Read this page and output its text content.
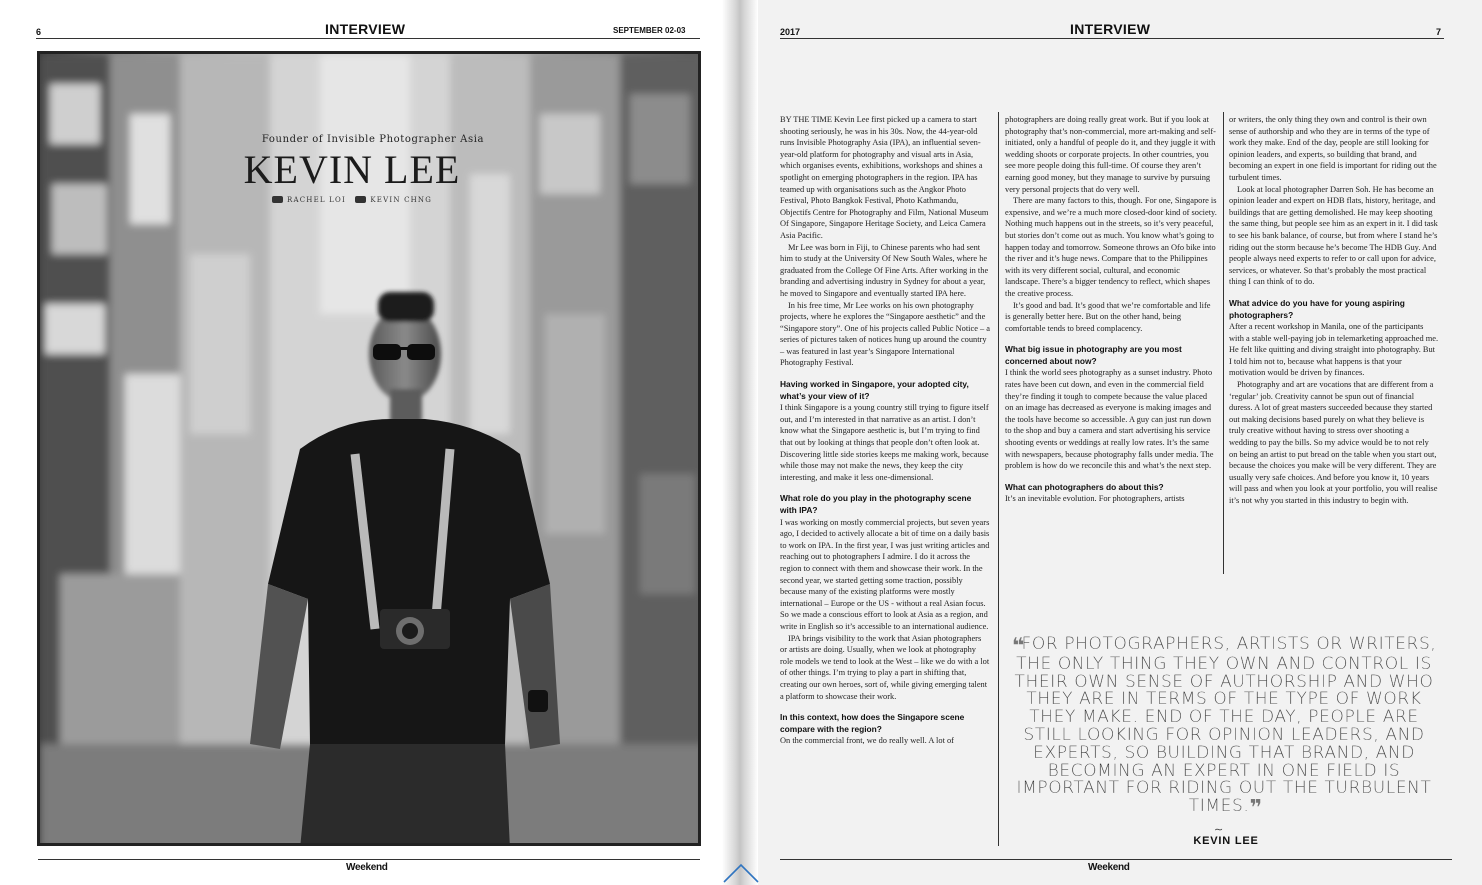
6	INTERVIEW	SEPTEMBER 02-03
Founder of Invisible Photographer Asia
KEVIN LEE
RACHEL LOI	KEVIN CHNG
Weekend
2017	INTERVIEW	7

BY THE TIME Kevin Lee first picked up a camera to start shooting seriously, he was in his 30s. Now, the 44-year-old runs Invisible Photography Asia (IPA), an influential seven-year-old platform for photography and visual arts in Asia, which organises events, exhibitions, workshops and shines a spotlight on emerging photographers in the region. IPA has teamed up with organisations such as the Angkor Photo Festival, Photo Bangkok Festival, Photo Kathmandu, Objectifs Centre for Photography and Film, National Museum Of Singapore, Singapore Heritage Society, and Leica Camera Asia Pacific.

Mr Lee was born in Fiji, to Chinese parents who had sent him to study at the University Of New South Wales, where he graduated from the College Of Fine Arts. After working in the branding and advertising industry in Sydney for about a year, he moved to Singapore and eventually started IPA here.

In his free time, Mr Lee works on his own photography projects, where he explores the “Singapore aesthetic” and the “Singapore story”. One of his projects called Public Notice – a series of pictures taken of notices hung up around the country – was featured in last year’s Singapore International Photography Festival.

Having worked in Singapore, your adopted city, what’s your view of it?

I think Singapore is a young country still trying to figure itself out, and I’m interested in that narrative as an artist. I don’t know what the Singapore aesthetic is, but I’m trying to find that out by looking at things that people don’t often look at. Discovering little side stories keeps me making work, because while those may not make the news, they keep the city interesting, and make it less one-dimensional.

What role do you play in the photography scene with IPA?

I was working on mostly commercial projects, but seven years ago, I decided to actively allocate a bit of time on a daily basis to work on IPA. In the first year, I was just writing articles and reaching out to photographers I admire. I do it across the region to connect with them and showcase their work. In the second year, we started getting some traction, possibly because many of the existing platforms were mostly international – Europe or the US - without a real Asian focus. So we made a conscious effort to look at Asia as a region, and write in English so it’s accessible to an international audience.

IPA brings visibility to the work that Asian photographers or artists are doing. Usually, when we look at photography role models we tend to look at the West – like we do with a lot of other things. I’m trying to play a part in shifting that, creating our own heroes, sort of, while giving emerging talent a platform to showcase their work.

In this context, how does the Singapore scene compare with the region?

On the commercial front, we do really well. A lot of

photographers are doing really great work. But if you look at photography that’s non-commercial, more art-making and self-initiated, only a handful of people do it, and they juggle it with wedding shoots or corporate projects. In other countries, you see more people doing this full-time. Of course they aren’t earning good money, but they manage to survive by pursuing very personal projects that do very well.

There are many factors to this, though. For one, Singapore is expensive, and we’re a much more closed-door kind of society. Nothing much happens out in the streets, so it’s very peaceful, but stories don’t come out as much. You know what’s going to happen today and tomorrow. Someone throws an Ofo bike into the river and it’s huge news. Compare that to the Philippines with its very different social, cultural, and economic landscape. There’s a bigger tendency to reflect, which shapes the creative process.

It’s good and bad. It’s good that we’re comfortable and life is generally better here. But on the other hand, being comfortable tends to breed complacency.

What big issue in photography are you most concerned about now?

I think the world sees photography as a sunset industry. Photo rates have been cut down, and even in the commercial field they’re finding it tough to compete because the value placed on an image has decreased as everyone is making images and the tools have become so accessible. A guy can just run down to the shop and buy a camera and start advertising his service shooting events or weddings at really low rates. It’s the same with newspapers, because photography falls under media. The problem is how do we reconcile this and what’s the next step.

What can photographers do about this?

It’s an inevitable evolution. For photographers, artists

or writers, the only thing they own and control is their own sense of authorship and who they are in terms of the type of work they make. End of the day, people are still looking for opinion leaders, and experts, so building that brand, and becoming an expert in one field is important for riding out the turbulent times.

Look at local photographer Darren Soh. He has become an opinion leader and expert on HDB flats, history, heritage, and buildings that are getting demolished. He may keep shooting the same thing, but people see him as an expert in it. I did task to see his bank balance, of course, but from where I stand he’s riding out the storm because he’s become The HDB Guy. And people always need experts to refer to or call upon for advice, services, or whatever. So that’s probably the most practical thing I can think of to do.

What advice do you have for young aspiring photographers?

After a recent workshop in Manila, one of the participants with a stable well-paying job in telemarketing approached me. He felt like quitting and diving straight into photography. But I told him not to, because what happens is that your motivation would be driven by finances.

Photography and art are vocations that are different from a ‘regular’ job. Creativity cannot be spun out of financial duress. A lot of great masters succeeded because they started out making decisions based purely on what they believe is truly creative without having to stress over shooting a wedding to pay the bills. So my advice would be to not rely on being an artist to put bread on the table when you start out, because the choices you make will be very different. They are usually very safe choices. And before you know it, 10 years will pass and when you look at your portfolio, you will realise it’s not why you started in this industry to begin with.

❝FOR PHOTOGRAPHERS, ARTISTS OR WRITERS, THE ONLY THING THEY OWN AND CONTROL IS THEIR OWN SENSE OF AUTHORSHIP AND WHO THEY ARE IN TERMS OF THE TYPE OF WORK THEY MAKE. END OF THE DAY, PEOPLE ARE STILL LOOKING FOR OPINION LEADERS, AND EXPERTS, SO BUILDING THAT BRAND, AND BECOMING AN EXPERT IN ONE FIELD IS IMPORTANT FOR RIDING OUT THE TURBULENT TIMES.❞
∼
KEVIN LEE
Weekend
